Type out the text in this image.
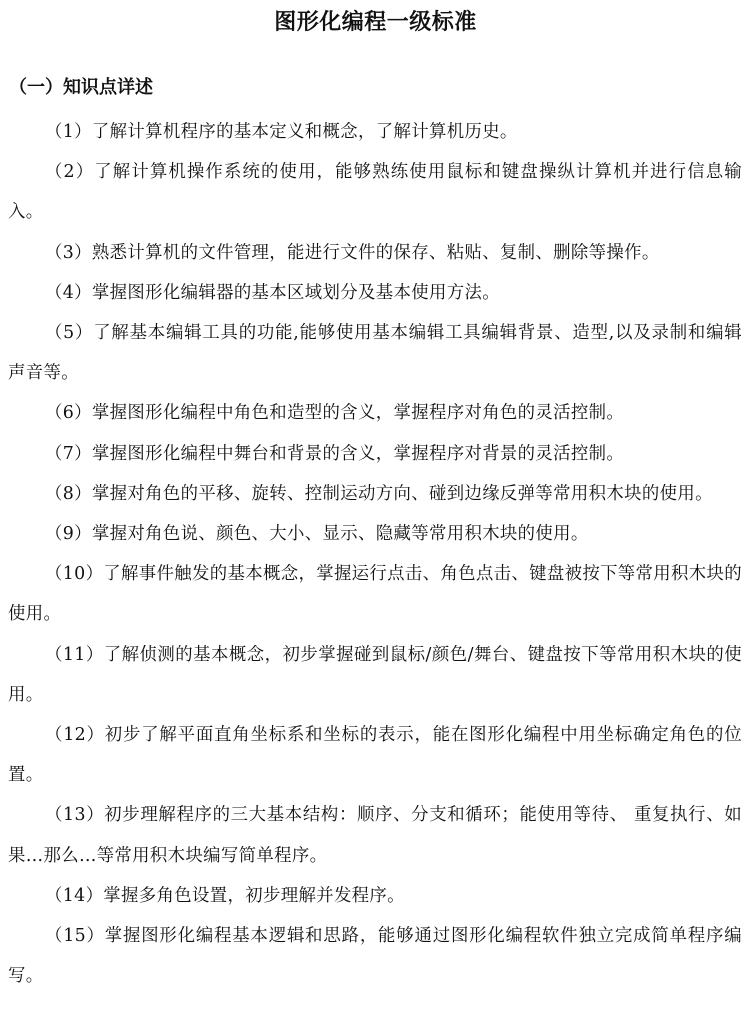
图形化编程一级标准
（一）知识点详述

（1）了解计算机程序的基本定义和概念，了解计算机历史。

（2）了解计算机操作系统的使用，能够熟练使用鼠标和键盘操纵计算机并进行信息输入。

（3）熟悉计算机的文件管理，能进行文件的保存、粘贴、复制、删除等操作。

（4）掌握图形化编辑器的基本区域划分及基本使用方法。

（5）了解基本编辑工具的功能,能够使用基本编辑工具编辑背景、造型,以及录制和编辑声音等。

（6）掌握图形化编程中角色和造型的含义，掌握程序对角色的灵活控制。

（7）掌握图形化编程中舞台和背景的含义，掌握程序对背景的灵活控制。

（8）掌握对角色的平移、旋转、控制运动方向、碰到边缘反弹等常用积木块的使用。

（9）掌握对角色说、颜色、大小、显示、隐藏等常用积木块的使用。

（10）了解事件触发的基本概念，掌握运行点击、角色点击、键盘被按下等常用积木块的使用。

（11）了解侦测的基本概念，初步掌握碰到鼠标/颜色/舞台、键盘按下等常用积木块的使用。

（12）初步了解平面直角坐标系和坐标的表示，能在图形化编程中用坐标确定角色的位置。

（13）初步理解程序的三大基本结构：顺序、分支和循环；能使用等待、 重复执行、如果…那么…等常用积木块编写简单程序。

（14）掌握多角色设置，初步理解并发程序。

（15）掌握图形化编程基本逻辑和思路，能够通过图形化编程软件独立完成简单程序编写。
